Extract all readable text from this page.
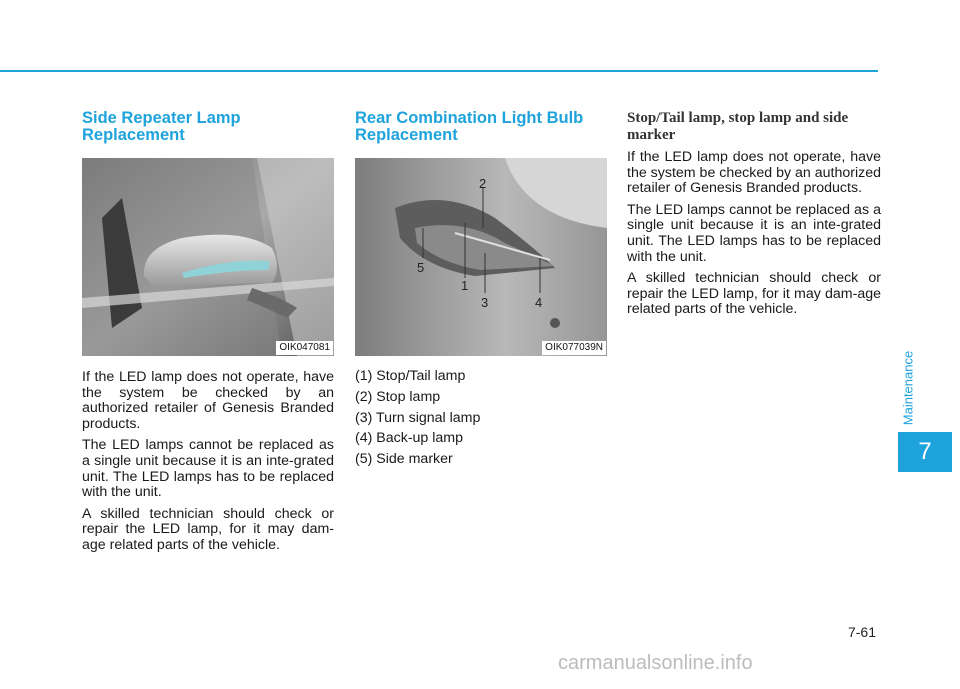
Side Repeater Lamp Replacement
OIK047081

If the LED lamp does not operate, have the system be checked by an authorized retailer of Genesis Branded products.

The LED lamps cannot be replaced as a single unit because it is an inte-grated unit. The LED lamps has to be replaced with the unit.

A skilled technician should check or repair the LED lamp, for it may dam-age related parts of the vehicle.

Rear Combination Light Bulb Replacement
1
2
3	4
5
OIK077039N
(1) Stop/Tail lamp
(2) Stop lamp
(3) Turn signal lamp
(4) Back-up lamp
(5) Side marker
Stop/Tail lamp, stop lamp and side marker

If the LED lamp does not operate, have the system be checked by an authorized retailer of Genesis Branded products.

The LED lamps cannot be replaced as a single unit because it is an inte-grated unit. The LED lamps has to be replaced with the unit.

A skilled technician should check or repair the LED lamp, for it may dam-age related parts of the vehicle.

Maintenance
7
7-61
carmanualsonline.info
